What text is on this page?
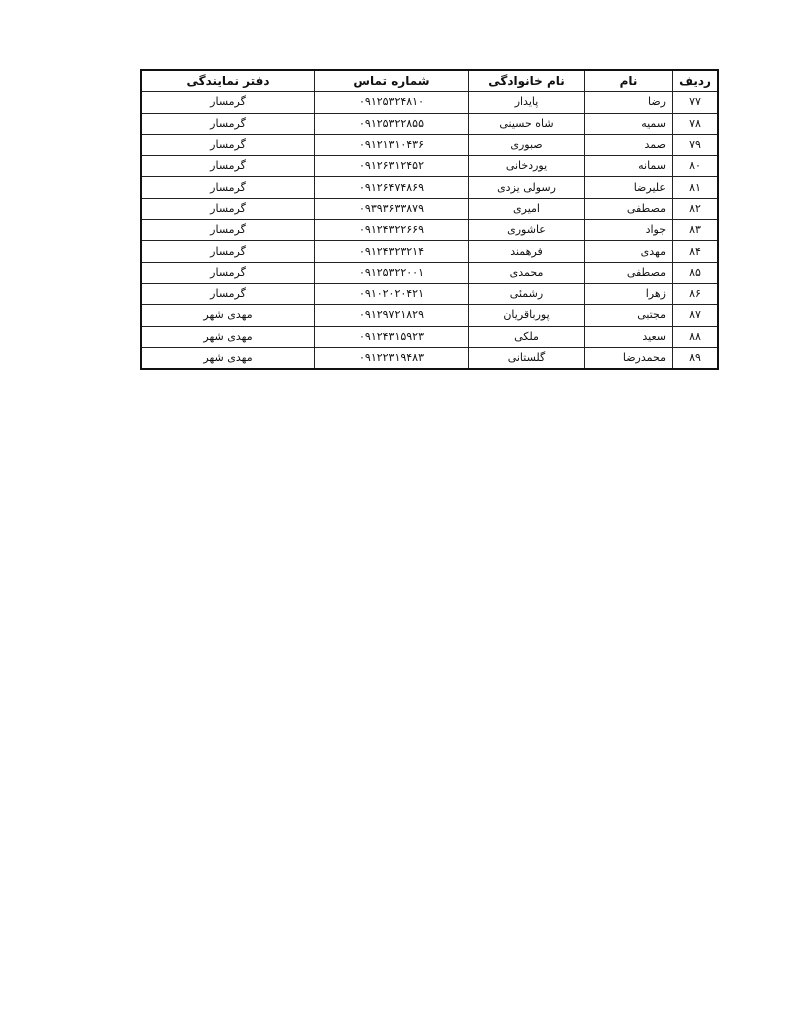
ردیف	نام	نام خانوادگی	شماره تماس	دفتر نمایندگی
۷۷	رضا	پایدار	۰۹۱۲۵۳۲۴۸۱۰	گرمسار
۷۸	سمیه	شاه حسینی	۰۹۱۲۵۳۲۲۸۵۵	گرمسار
۷۹	صمد	صبوری	۰۹۱۲۱۳۱۰۴۳۶	گرمسار
۸۰	سمانه	یوردخانی	۰۹۱۲۶۳۱۲۴۵۲	گرمسار
۸۱	علیرضا	رسولی یزدی	۰۹۱۲۶۴۷۴۸۶۹	گرمسار
۸۲	مصطفی	امیری	۰۹۳۹۳۶۳۳۸۷۹	گرمسار
۸۳	جواد	عاشوری	۰۹۱۲۴۳۲۲۶۶۹	گرمسار
۸۴	مهدی	فرهمند	۰۹۱۲۴۳۲۳۲۱۴	گرمسار
۸۵	مصطفی	محمدی	۰۹۱۲۵۳۲۲۰۰۱	گرمسار
۸۶	زهرا	رشمئی	۰۹۱۰۲۰۲۰۴۲۱	گرمسار
۸۷	مجتبی	پورباقریان	۰۹۱۲۹۷۲۱۸۲۹	مهدی شهر
۸۸	سعید	ملکی	۰۹۱۲۴۳۱۵۹۲۳	مهدی شهر
۸۹	محمدرضا	گلستانی	۰۹۱۲۲۳۱۹۴۸۳	مهدی شهر
